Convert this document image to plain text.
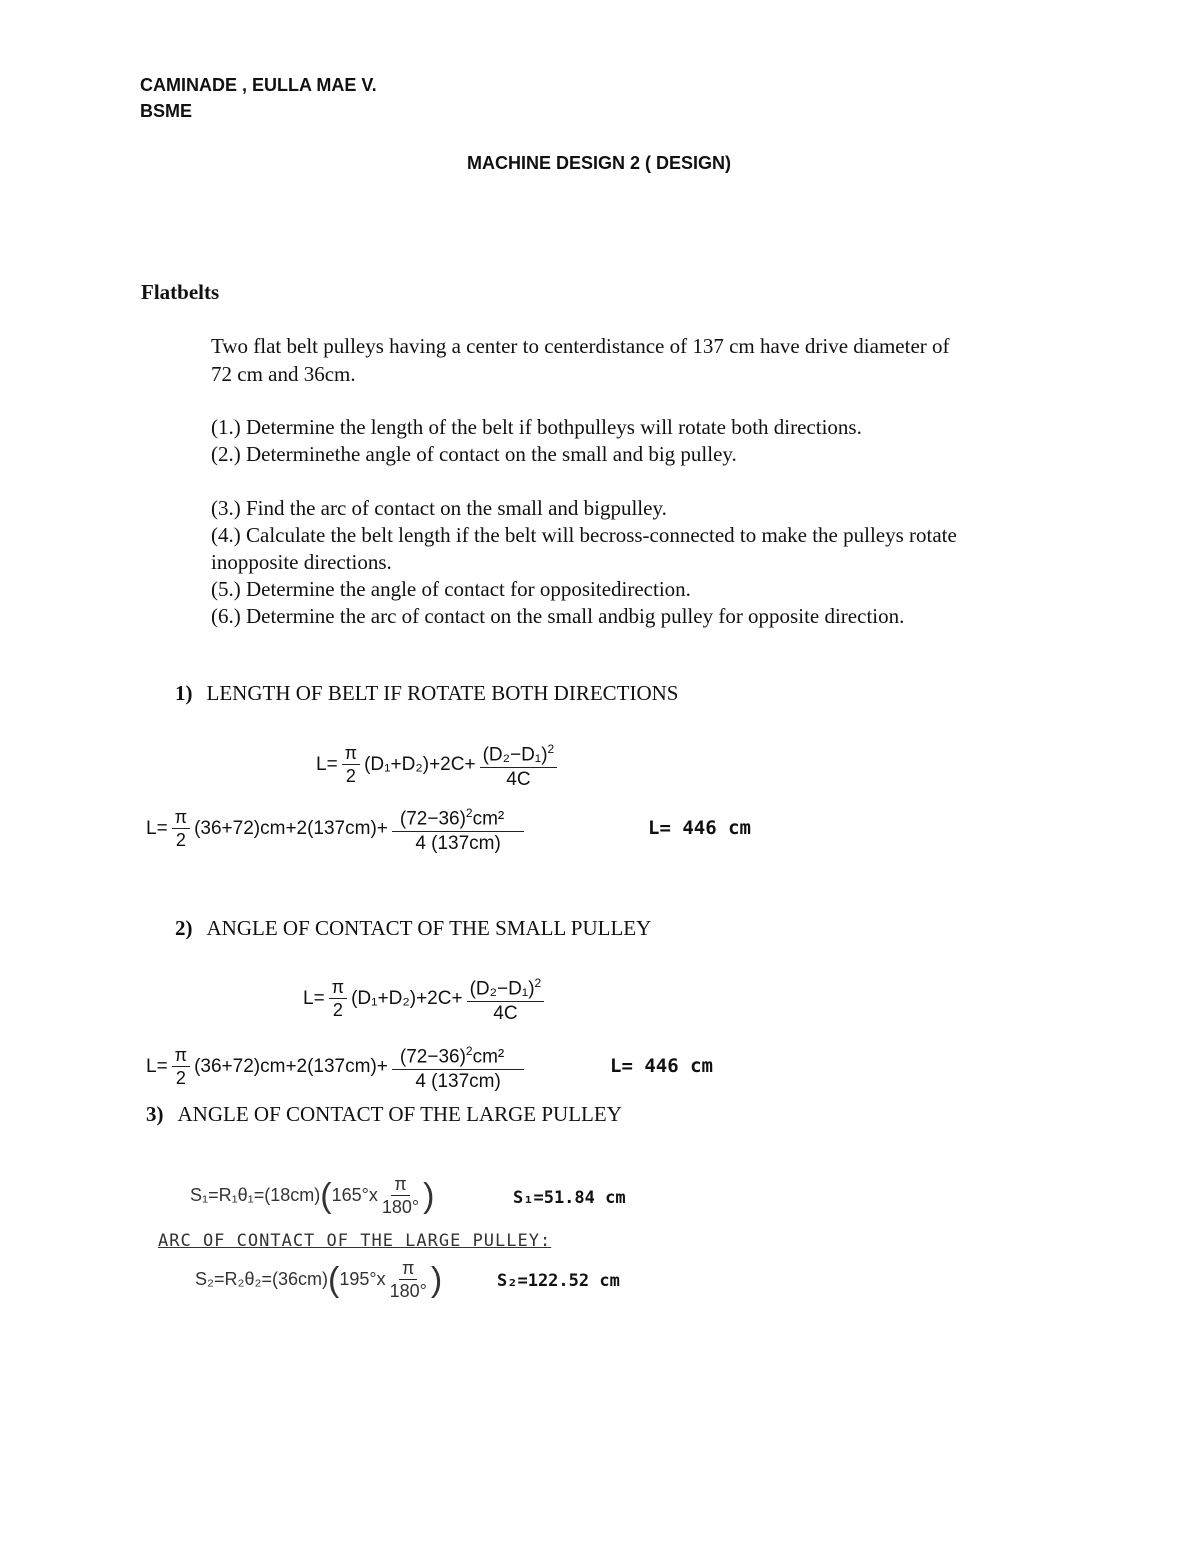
CAMINADE , EULLA MAE V.
BSME
MACHINE DESIGN 2 ( DESIGN)
Flatbelts
Two flat belt pulleys having a center to centerdistance of 137 cm have drive diameter of
72 cm and 36cm.
(1.) Determine the length of the belt if bothpulleys will rotate both directions.
(2.) Determinethe angle of contact on the small and big pulley.
(3.) Find the arc of contact on the small and bigpulley.
(4.) Calculate the belt length if the belt will becross-connected to make the pulleys rotate
inopposite directions.
(5.) Determine the angle of contact for oppositedirection.
(6.) Determine the arc of contact on the small andbig pulley for opposite direction.
1) LENGTH OF BELT IF ROTATE BOTH DIRECTIONS
$L= \frac{\pi}{2} (D_1+D_2)+2C+ \frac{(D_2-D_1)^2}{4C}$
$L= \frac{\pi}{2} (36+72)cm+2(137cm)+ \frac{(72-36)^2cm^2}{4 (137cm)}$	L= 446 cm
2) ANGLE OF CONTACT OF THE SMALL PULLEY
$L= \frac{\pi}{2} (D_1+D_2)+2C+ \frac{(D_2-D_1)^2}{4C}$
$L= \frac{\pi}{2} (36+72)cm+2(137cm)+ \frac{(72-36)^2cm^2}{4 (137cm)}$	L= 446 cm
3) ANGLE OF CONTACT OF THE LARGE PULLEY
S₁=R₁θ₁=(18cm) ( $165^\circ x \frac{\pi}{180^\circ}$ )	S₁=51.84 cm
ARC OF CONTACT OF THE LARGE PULLEY:
S₂=R₂θ₂=(36cm) ( $195^\circ x \frac{\pi}{180^\circ}$ )	S₂=122.52 cm
